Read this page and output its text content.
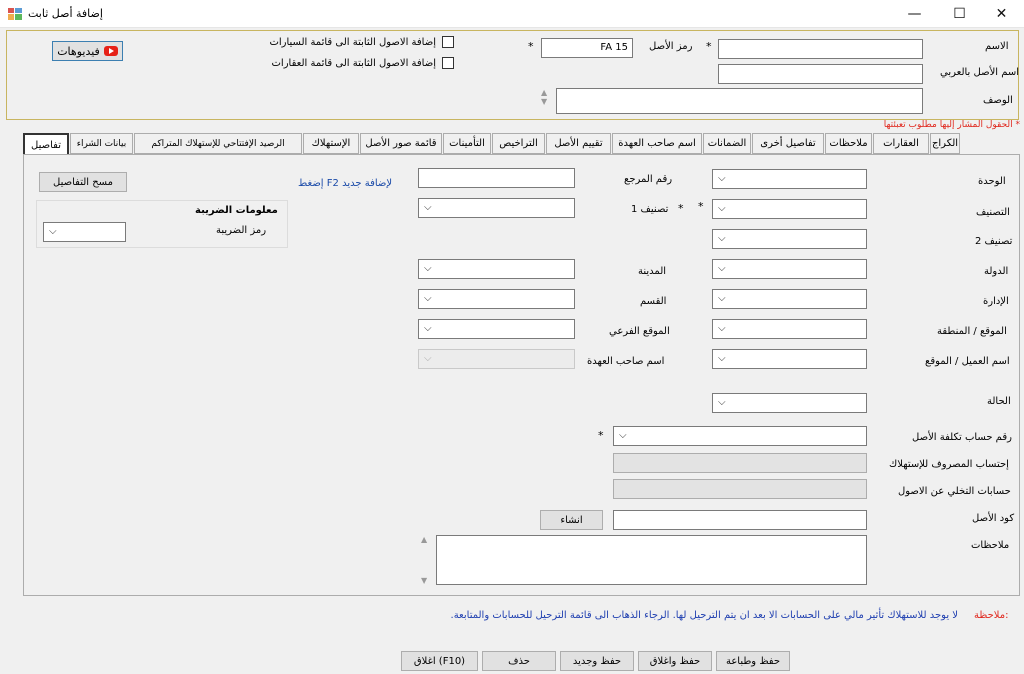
إضافة أصل ثابت	— ☐ ✕
الاسم
*
رمز الأصل
FA 15
*
اسم الأصل بالعربي
الوصف
▲
▼
إضافة الاصول الثابتة الى قائمة السيارات
إضافة الاصول الثابتة الى قائمة العقارات
فيديوهات
* الحقول المشار إليها مطلوب تعبئتها
الكراج
العقارات
ملاحظات
تفاصيل أخرى
الضمانات
اسم صاحب العهدة
تقييم الأصل
التراخيص
التأمينات
قائمة صور الأصل
الإستهلاك
الرصيد الإفتتاحي للإستهلاك المتراكم
بيانات الشراء
تفاصيل
الوحدة
⌵
التصنيف
⌵
*
تصنيف 2
⌵
الدولة
⌵
الإدارة
⌵
الموقع / المنطقة
⌵
اسم العميل / الموقع
⌵
الحالة
⌵
رقم حساب تكلفة الأصل
⌵
*
إحتساب المصروف للإستهلاك
حسابات التخلي عن الاصول
كود الأصل
انشاء
ملاحظات
▲
▼
رقم المرجع
تصنيف 1 *
⌵
المدينة
⌵
القسم
⌵
الموقع الفرعي
⌵
اسم صاحب العهدة
⌵
إضغط F2 لإضافة جديد
مسح التفاصيل
معلومات الضريبة
رمز الضريبة
⌵
ملاحظة:
لا يوجد للاستهلاك تأثير مالي على الحسابات الا بعد ان يتم الترحيل لها. الرجاء الذهاب الى قائمة الترحيل للحسابات والمتابعة.
حفظ وطباعة
حفظ واغلاق
حفظ وجديد
حذف
اغلاق (F10)
